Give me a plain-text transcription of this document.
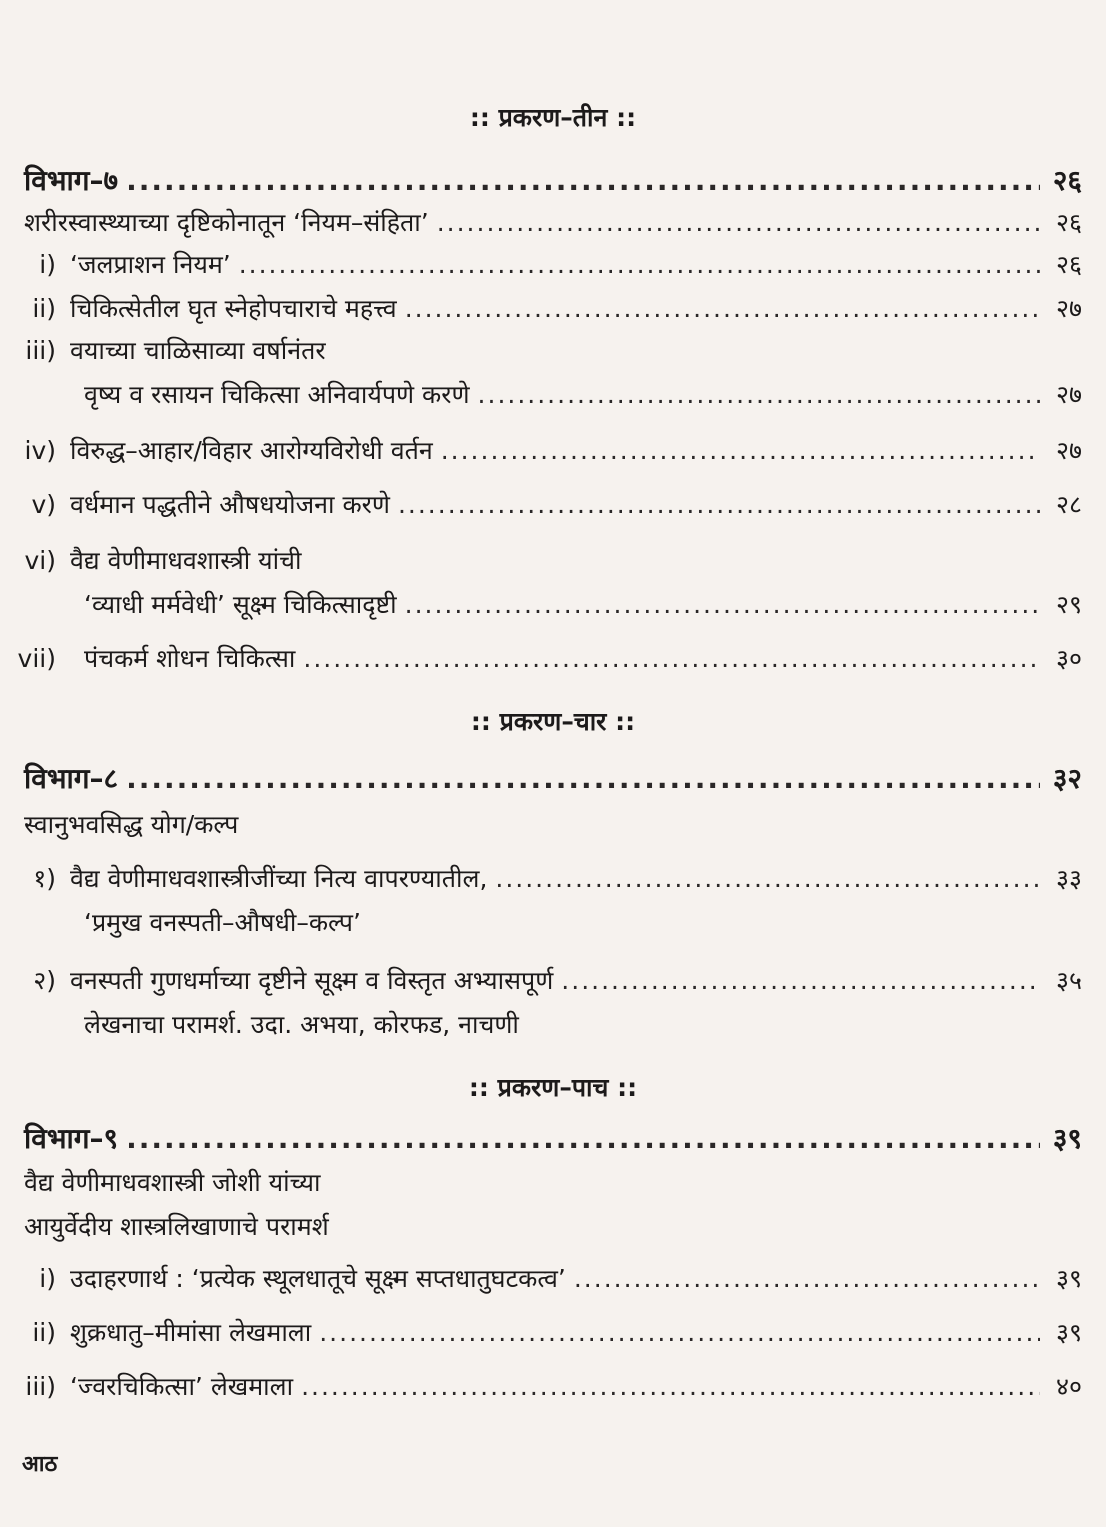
:: प्रकरण–तीन ::
विभाग–७ .....	२६
शरीरस्वास्थ्याच्या दृष्टिकोनातून ‘नियम–संहिता’ .....	२६
i) ‘जलप्राशन नियम’ .....	२६
ii) चिकित्सेतील घृत स्नेहोपचाराचे महत्त्व .....	२७
iii) वयाच्या चाळिसाव्या वर्षानंतर
वृष्य व रसायन चिकित्सा अनिवार्यपणे करणे .....	२७
iv) विरुद्ध–आहार/विहार आरोग्यविरोधी वर्तन .....	२७
v) वर्धमान पद्धतीने औषधयोजना करणे .....	२८
vi) वैद्य वेणीमाधवशास्त्री यांची
‘व्याधी मर्मवेधी’ सूक्ष्म चिकित्सादृष्टी .....	२९
vii) पंचकर्म शोधन चिकित्सा .....	३०
:: प्रकरण–चार ::
विभाग–८ .....	३२
स्वानुभवसिद्ध योग/कल्प
१) वैद्य वेणीमाधवशास्त्रीजींच्या नित्य वापरण्यातील, .....	३३
‘प्रमुख वनस्पती–औषधी–कल्प’
२) वनस्पती गुणधर्माच्या दृष्टीने सूक्ष्म व विस्तृत अभ्यासपूर्ण .....	३५
लेखनाचा परामर्श. उदा. अभया, कोरफड, नाचणी
:: प्रकरण–पाच ::
विभाग–९ .....	३९
वैद्य वेणीमाधवशास्त्री जोशी यांच्या
आयुर्वेदीय शास्त्रलिखाणाचे परामर्श
i) उदाहरणार्थ : ‘प्रत्येक स्थूलधातूचे सूक्ष्म सप्तधातुघटकत्व’ .....	३९
ii) शुक्रधातु–मीमांसा लेखमाला .....	३९
iii) ‘ज्वरचिकित्सा’ लेखमाला .....	४०
आठ
